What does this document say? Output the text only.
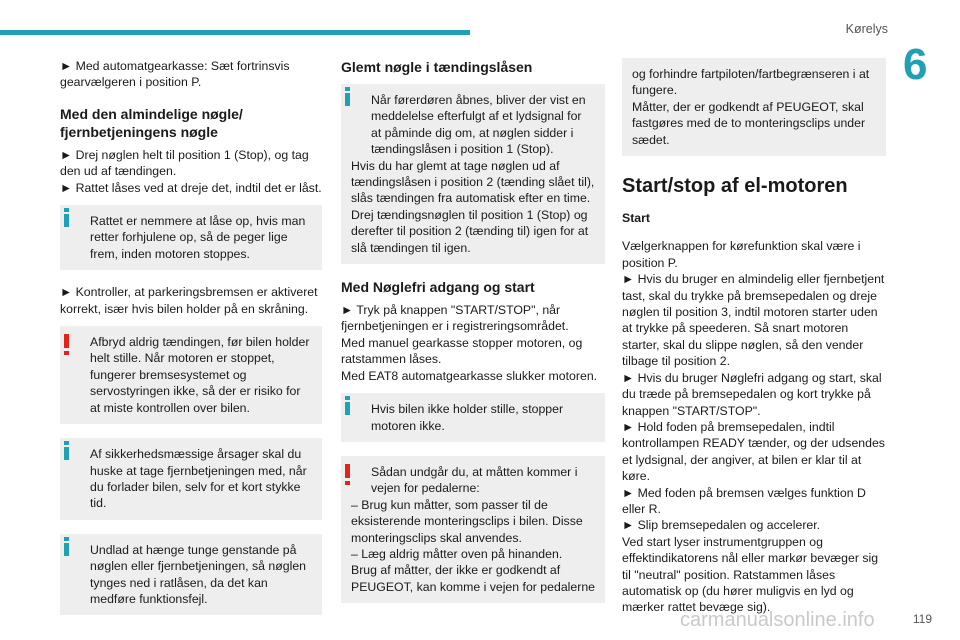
Kørelys
6

► Med automatgearkasse: Sæt fortrinsvis gearvælgeren i position P.

Med den almindelige nøgle/ fjernbetjeningens nøgle

► Drej nøglen helt til position 1 (Stop), og tag den ud af tændingen.

► Rattet låses ved at dreje det, indtil det er låst.

Rattet er nemmere at låse op, hvis man retter forhjulene op, så de peger lige frem, inden motoren stoppes.

► Kontroller, at parkeringsbremsen er aktiveret korrekt, især hvis bilen holder på en skråning.

Afbryd aldrig tændingen, før bilen holder helt stille. Når motoren er stoppet, fungerer bremsesystemet og servostyringen ikke, så der er risiko for at miste kontrollen over bilen.
Af sikkerhedsmæssige årsager skal du huske at tage fjernbetjeningen med, når du forlader bilen, selv for et kort stykke tid.
Undlad at hænge tunge genstande på nøglen eller fjernbetjeningen, så nøglen tynges ned i ratlåsen, da det kan medføre funktionsfejl.
Glemt nøgle i tændingslåsen
Når førerdøren åbnes, bliver der vist en meddelelse efterfulgt af et lydsignal for at påminde dig om, at nøglen sidder i tændingslåsen i position 1 (Stop).
Hvis du har glemt at tage nøglen ud af tændingslåsen i position 2 (tænding slået til), slås tændingen fra automatisk efter en time.
Drej tændingsnøglen til position 1 (Stop) og derefter til position 2 (tænding til) igen for at slå tændingen til igen.
Med Nøglefri adgang og start

► Tryk på knappen "START/STOP", når fjernbetjeningen er i registreringsområdet.

Med manuel gearkasse stopper motoren, og ratstammen låses.

Med EAT8 automatgearkasse slukker motoren.

Hvis bilen ikke holder stille, stopper motoren ikke.
Sådan undgår du, at måtten kommer i vejen for pedalerne:
– Brug kun måtter, som passer til de eksisterende monteringsclips i bilen. Disse monteringsclips skal anvendes.
– Læg aldrig måtter oven på hinanden.
Brug af måtter, der ikke er godkendt af PEUGEOT, kan komme i vejen for pedalerne
og forhindre fartpiloten/fartbegrænseren i at fungere.
Måtter, der er godkendt af PEUGEOT, skal fastgøres med de to monteringsclips under sædet.
Start/stop af el-motoren
Start
Vælgerknappen for kørefunktion skal være i position P.
► Hvis du bruger en almindelig eller fjernbetjent tast, skal du trykke på bremsepedalen og dreje nøglen til position 3, indtil motoren starter uden at trykke på speederen. Så snart motoren starter, skal du slippe nøglen, så den vender tilbage til position 2.
► Hvis du bruger Nøglefri adgang og start, skal du træde på bremsepedalen og kort trykke på knappen "START/STOP".
► Hold foden på bremsepedalen, indtil kontrollampen READY tænder, og der udsendes et lydsignal, der angiver, at bilen er klar til at køre.
► Med foden på bremsen vælges funktion D eller R.
► Slip bremsepedalen og accelerer.
Ved start lyser instrumentgruppen og effektindikatorens nål eller markør bevæger sig til "neutral" position. Ratstammen låses automatisk op (du hører muligvis en lyd og mærker rattet bevæge sig).
carmanualsonline.info	119
